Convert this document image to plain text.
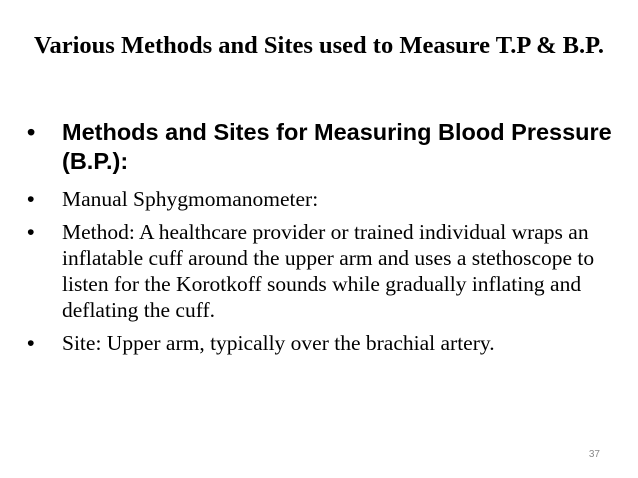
Various Methods and Sites used to Measure T.P & B.P.
• Methods and Sites for Measuring Blood Pressure (B.P.):
• Manual Sphygmomanometer:
• Method: A healthcare provider or trained individual wraps an inflatable cuff around the upper arm and uses a stethoscope to listen for the Korotkoff sounds while gradually inflating and deflating the cuff.
• Site: Upper arm, typically over the brachial artery.
37
